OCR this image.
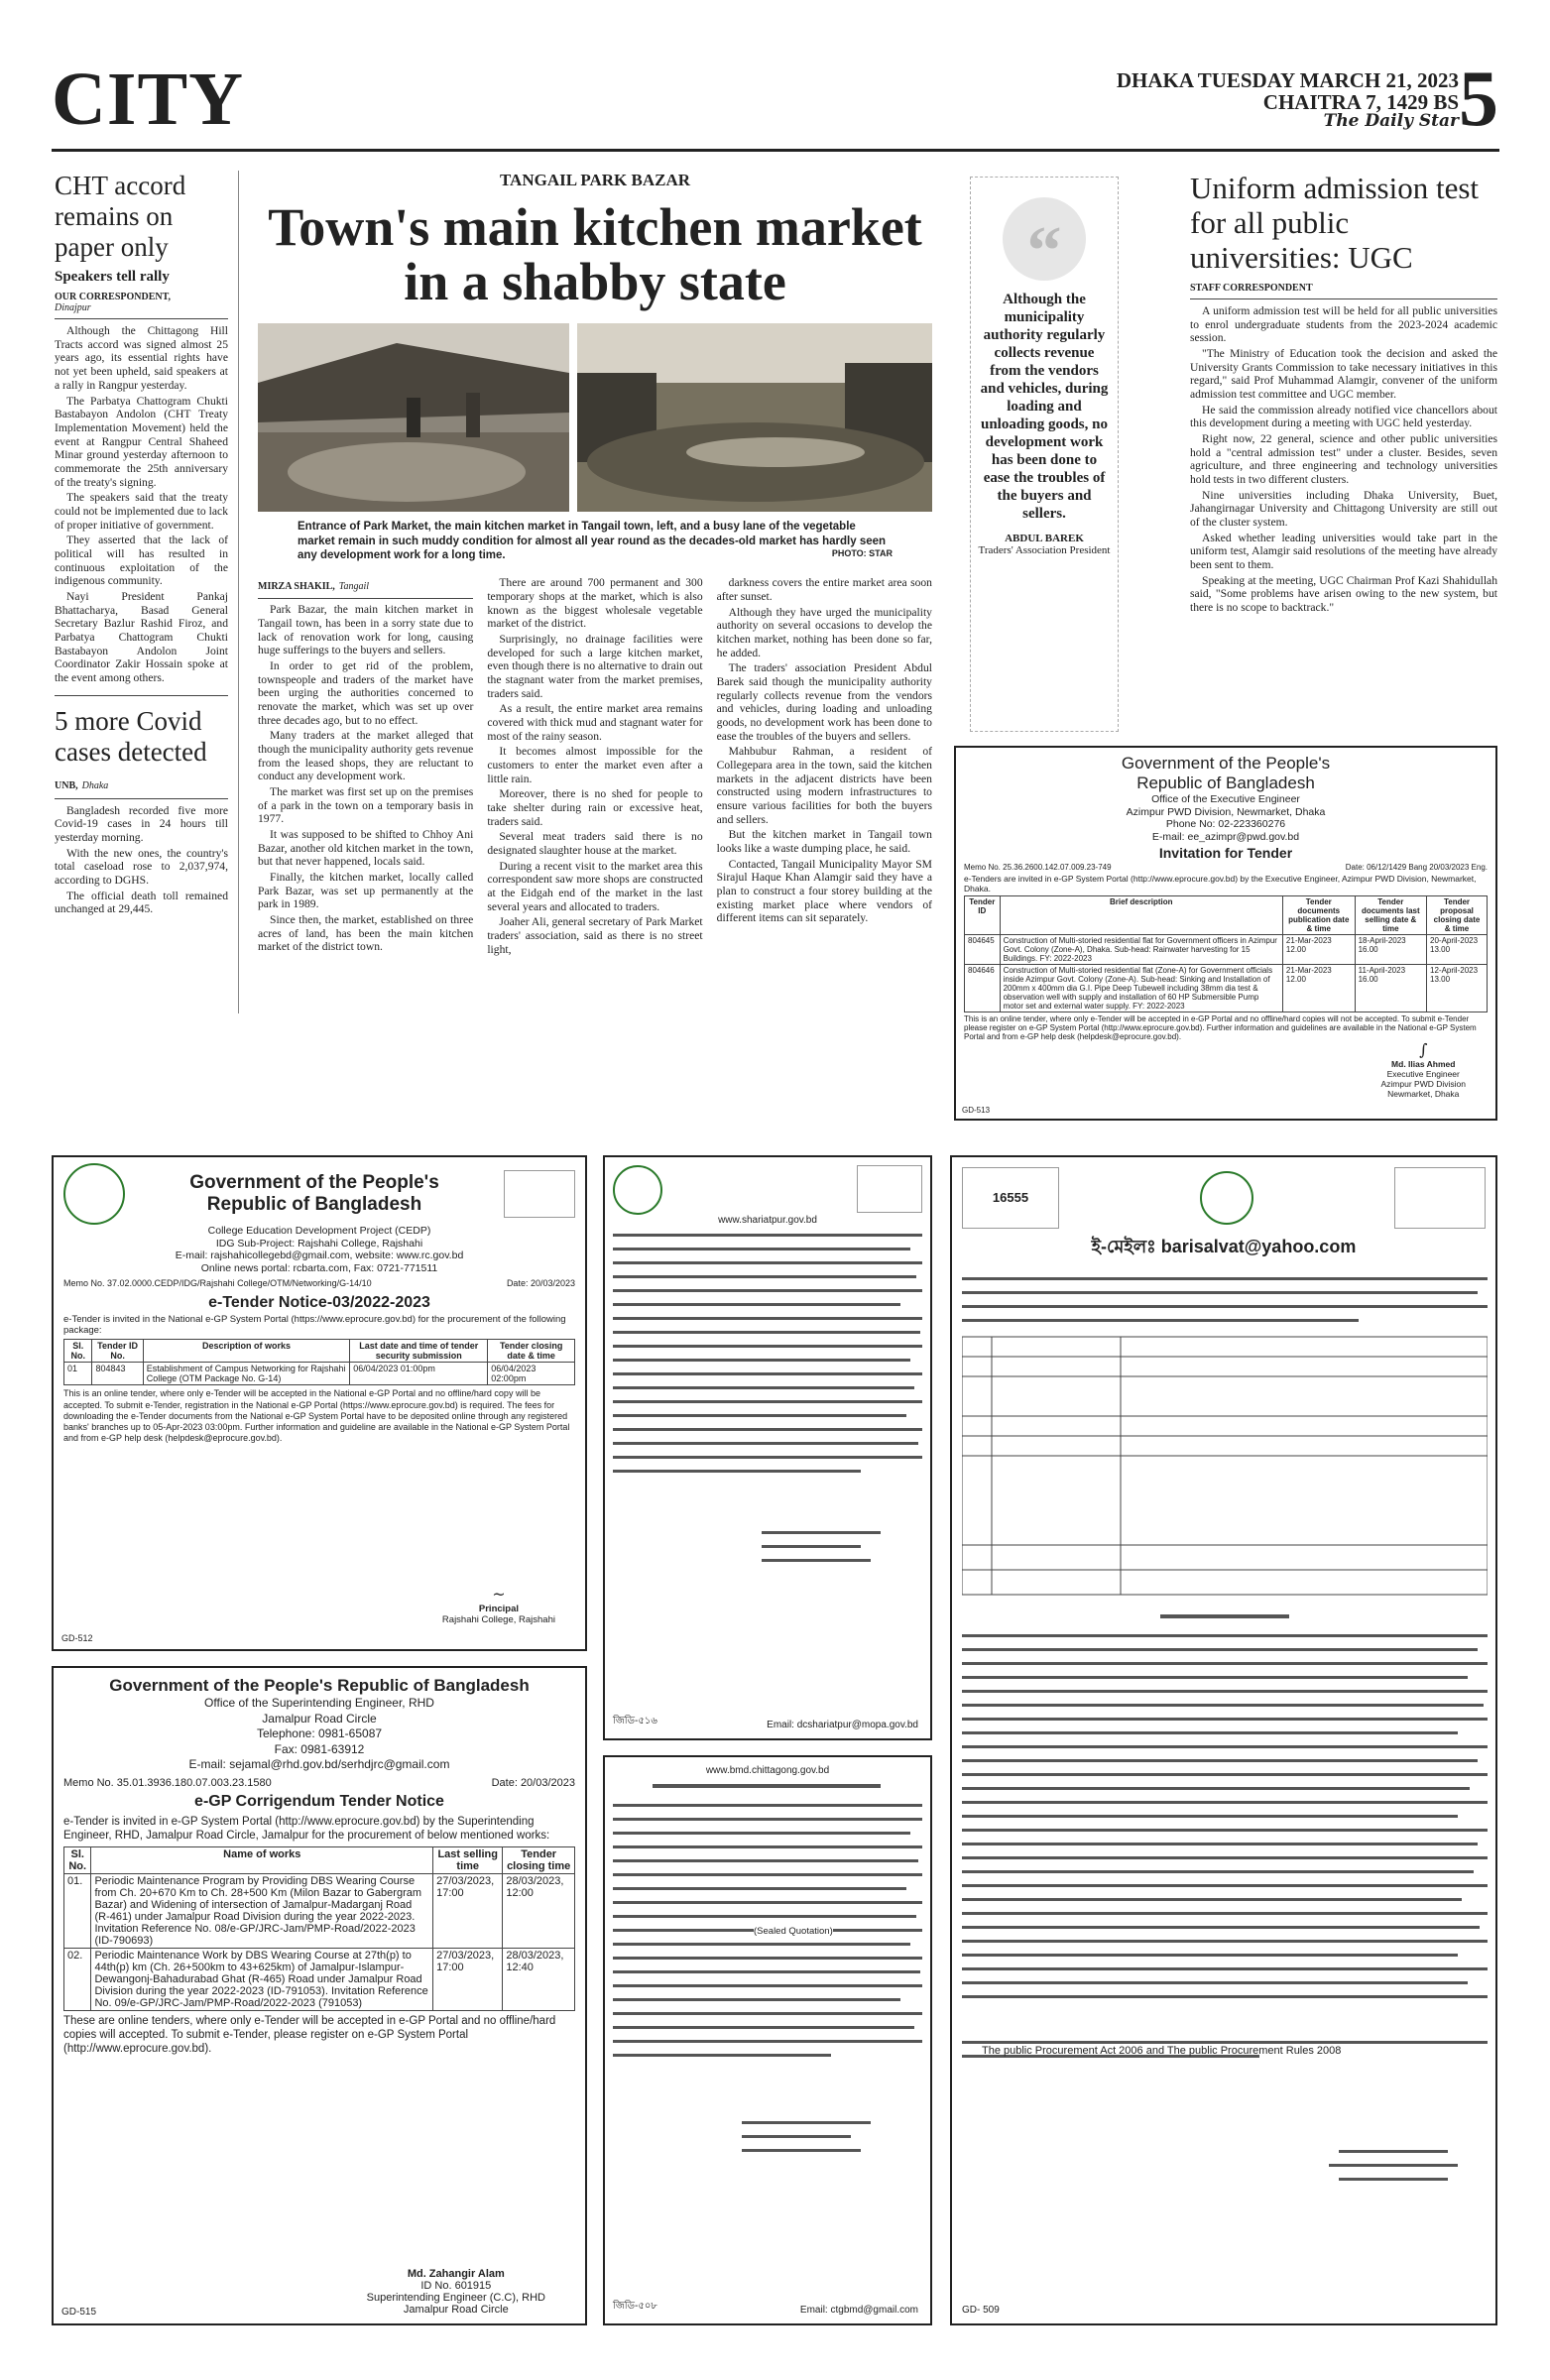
CITY	DHAKA TUESDAY MARCH 21, 2023
CHAITRA 7, 1429 BS
The Daily Star 5
CHT accord remains on paper only
Speakers tell rally
OUR CORRESPONDENT,
Dinajpur

Although the Chittagong Hill Tracts accord was signed almost 25 years ago, its essential rights have not yet been upheld, said speakers at a rally in Rangpur yesterday.

The Parbatya Chattogram Chukti Bastabayon Andolon (CHT Treaty Implementation Movement) held the event at Rangpur Central Shaheed Minar ground yesterday afternoon to commemorate the 25th anniversary of the treaty's signing.

The speakers said that the treaty could not be implemented due to lack of proper initiative of government.

They asserted that the lack of political will has resulted in continuous exploitation of the indigenous community.

Nayi President Pankaj Bhattacharya, Basad General Secretary Bazlur Rashid Firoz, and Parbatya Chattogram Chukti Bastabayon Andolon Joint Coordinator Zakir Hossain spoke at the event among others.

5 more Covid cases detected
UNB, Dhaka

Bangladesh recorded five more Covid-19 cases in 24 hours till yesterday morning.

With the new ones, the country's total caseload rose to 2,037,974, according to DGHS.

The official death toll remained unchanged at 29,445.

TANGAIL PARK BAZAR
Town's main kitchen market in a shabby state
Entrance of Park Market, the main kitchen market in Tangail town, left, and a busy lane of the vegetable market remain in such muddy condition for almost all year round as the decades-old market has hardly seen any development work for a long time.	PHOTO: STAR
MIRZA SHAKIL, Tangail

Park Bazar, the main kitchen market in Tangail town, has been in a sorry state due to lack of renovation work for long, causing huge sufferings to the buyers and sellers.

In order to get rid of the problem, townspeople and traders of the market have been urging the authorities concerned to renovate the market, which was set up over three decades ago, but to no effect.

Many traders at the market alleged that though the municipality authority gets revenue from the leased shops, they are reluctant to conduct any development work.

The market was first set up on the premises of a park in the town on a temporary basis in 1977.

It was supposed to be shifted to Chhoy Ani Bazar, another old kitchen market in the town, but that never happened, locals said.

Finally, the kitchen market, locally called Park Bazar, was set up permanently at the park in 1989.

Since then, the market, established on three acres of land, has been the main kitchen market of the district town.

There are around 700 permanent and 300 temporary shops at the market, which is also known as the biggest wholesale vegetable market of the district.

Surprisingly, no drainage facilities were developed for such a large kitchen market, even though there is no alternative to drain out the stagnant water from the market premises, traders said.

As a result, the entire market area remains covered with thick mud and stagnant water for most of the rainy season.

It becomes almost impossible for the customers to enter the market even after a little rain.

Moreover, there is no shed for people to take shelter during rain or excessive heat, traders said.

Several meat traders said there is no designated slaughter house at the market.

During a recent visit to the market area this correspondent saw more shops are constructed at the Eidgah end of the market in the last several years and allocated to traders.

Joaher Ali, general secretary of Park Market traders' association, said as there is no street light,

darkness covers the entire market area soon after sunset.

Although they have urged the municipality authority on several occasions to develop the kitchen market, nothing has been done so far, he added.

The traders' association President Abdul Barek said though the municipality authority regularly collects revenue from the vendors and vehicles, during loading and unloading goods, no development work has been done to ease the troubles of the buyers and sellers.

Mahbubur Rahman, a resident of Collegepara area in the town, said the kitchen markets in the adjacent districts have been constructed using modern infrastructures to ensure various facilities for both the buyers and sellers.

But the kitchen market in Tangail town looks like a waste dumping place, he said.

Contacted, Tangail Municipality Mayor SM Sirajul Haque Khan Alamgir said they have a plan to construct a four storey building at the existing market place where vendors of different items can sit separately.

“
Although the municipality authority regularly collects revenue from the vendors and vehicles, during loading and unloading goods, no development work has been done to ease the troubles of the buyers and sellers.
ABDUL BAREK
Traders' Association President
Uniform admission test for all public universities: UGC
STAFF CORRESPONDENT

A uniform admission test will be held for all public universities to enrol undergraduate students from the 2023-2024 academic session.

"The Ministry of Education took the decision and asked the University Grants Commission to take necessary initiatives in this regard," said Prof Muhammad Alamgir, convener of the uniform admission test committee and UGC member.

He said the commission already notified vice chancellors about this development during a meeting with UGC held yesterday.

Right now, 22 general, science and other public universities hold a "central admission test" under a cluster. Besides, seven agriculture, and three engineering and technology universities hold tests in two different clusters.

Nine universities including Dhaka University, Buet, Jahangirnagar University and Chittagong University are still out of the cluster system.

Asked whether leading universities would take part in the uniform test, Alamgir said resolutions of the meeting have already been sent to them.

Speaking at the meeting, UGC Chairman Prof Kazi Shahidullah said, "Some problems have arisen owing to the new system, but there is no scope to backtrack."

Government of the People's
Republic of Bangladesh
Office of the Executive Engineer
Azimpur PWD Division, Newmarket, Dhaka
Phone No: 02-223360276
E-mail: ee_azimpr@pwd.gov.bd
Invitation for Tender
Memo No. 25.36.2600.142.07.009.23-749	Date: 06/12/1429 Bang 20/03/2023 Eng.
e-Tenders are invited in e-GP System Portal (http://www.eprocure.gov.bd) by the Executive Engineer, Azimpur PWD Division, Newmarket, Dhaka.
Tender ID	Brief description	Tender documents publication date & time	Tender documents last selling date & time	Tender proposal closing date & time
804645	Construction of Multi-storied residential flat for Government officers in Azimpur Govt. Colony (Zone-A), Dhaka. Sub-head: Rainwater harvesting for 15 Buildings. FY: 2022-2023	21-Mar-2023 12.00	18-April-2023 16.00	20-April-2023 13.00
804646	Construction of Multi-storied residential flat (Zone-A) for Government officials inside Azimpur Govt. Colony (Zone-A). Sub-head: Sinking and Installation of 200mm x 400mm dia G.I. Pipe Deep Tubewell including 38mm dia test & observation well with supply and installation of 60 HP Submersible Pump motor set and external water supply. FY: 2022-2023	21-Mar-2023 12.00	11-April-2023 16.00	12-April-2023 13.00
This is an online tender, where only e-Tender will be accepted in e-GP Portal and no offline/hard copies will not be accepted. To submit e-Tender please register on e-GP System Portal (http://www.eprocure.gov.bd). Further information and guidelines are available in the National e-GP System Portal and from e-GP help desk (helpdesk@eprocure.gov.bd).
∫
Md. Ilias Ahmed
Executive Engineer
Azimpur PWD Division
Newmarket, Dhaka
GD-513
Government of the People's
Republic of Bangladesh
College Education Development Project (CEDP)
IDG Sub-Project: Rajshahi College, Rajshahi
E-mail: rajshahicollegebd@gmail.com, website: www.rc.gov.bd
Online news portal: rcbarta.com, Fax: 0721-771511
Memo No. 37.02.0000.CEDP/IDG/Rajshahi College/OTM/Networking/G-14/10	Date: 20/03/2023
e-Tender Notice-03/2022-2023
e-Tender is invited in the National e-GP System Portal (https://www.eprocure.gov.bd) for the procurement of the following package:
Sl. No.	Tender ID No.	Description of works	Last date and time of tender security submission	Tender closing date & time
01	804843	Establishment of Campus Networking for Rajshahi College (OTM Package No. G-14)	06/04/2023 01:00pm	06/04/2023 02:00pm
This is an online tender, where only e-Tender will be accepted in the National e-GP Portal and no offline/hard copy will be accepted. To submit e-Tender, registration in the National e-GP Portal (https://www.eprocure.gov.bd) is required. The fees for downloading the e-Tender documents from the National e-GP System Portal have to be deposited online through any registered banks' branches up to 05-Apr-2023 03:00pm. Further information and guideline are available in the National e-GP System Portal and from e-GP help desk (helpdesk@eprocure.gov.bd).
~
Principal
Rajshahi College, Rajshahi
GD-512
Government of the People's Republic of Bangladesh
Office of the Superintending Engineer, RHD
Jamalpur Road Circle
Telephone: 0981-65087
Fax: 0981-63912
E-mail: sejamal@rhd.gov.bd/serhdjrc@gmail.com
Memo No. 35.01.3936.180.07.003.23.1580	Date: 20/03/2023
e-GP Corrigendum Tender Notice
e-Tender is invited in e-GP System Portal (http://www.eprocure.gov.bd) by the Superintending Engineer, RHD, Jamalpur Road Circle, Jamalpur for the procurement of below mentioned works:
Sl. No.	Name of works	Last selling time	Tender closing time
01.	Periodic Maintenance Program by Providing DBS Wearing Course from Ch. 20+670 Km to Ch. 28+500 Km (Milon Bazar to Gabergram Bazar) and Widening of intersection of Jamalpur-Madarganj Road (R-461) under Jamalpur Road Division during the year 2022-2023. Invitation Reference No. 08/e-GP/JRC-Jam/PMP-Road/2022-2023 (ID-790693)	27/03/2023, 17:00	28/03/2023, 12:00
02.	Periodic Maintenance Work by DBS Wearing Course at 27th(p) to 44th(p) km (Ch. 26+500km to 43+625km) of Jamalpur-Islampur-Dewangonj-Bahadurabad Ghat (R-465) Road under Jamalpur Road Division during the year 2022-2023 (ID-791053). Invitation Reference No. 09/e-GP/JRC-Jam/PMP-Road/2022-2023 (791053)	27/03/2023, 17:00	28/03/2023, 12:40
These are online tenders, where only e-Tender will be accepted in e-GP Portal and no offline/hard copies will accepted. To submit e-Tender, please register on e-GP System Portal (http://www.eprocure.gov.bd).
Md. Zahangir Alam
ID No. 601915
Superintending Engineer (C.C), RHD
Jamalpur Road Circle
GD-515
www.shariatpur.gov.bd
জিডি-৫১৬	Email: dcshariatpur@mopa.gov.bd
www.bmd.chittagong.gov.bd
(Sealed Quotation)
জিডি-৫০৮	Email: ctgbmd@gmail.com
16555
ই-মেইলঃ barisalvat@yahoo.com
The public Procurement Act 2006 and The public Procurement Rules 2008
GD- 509
